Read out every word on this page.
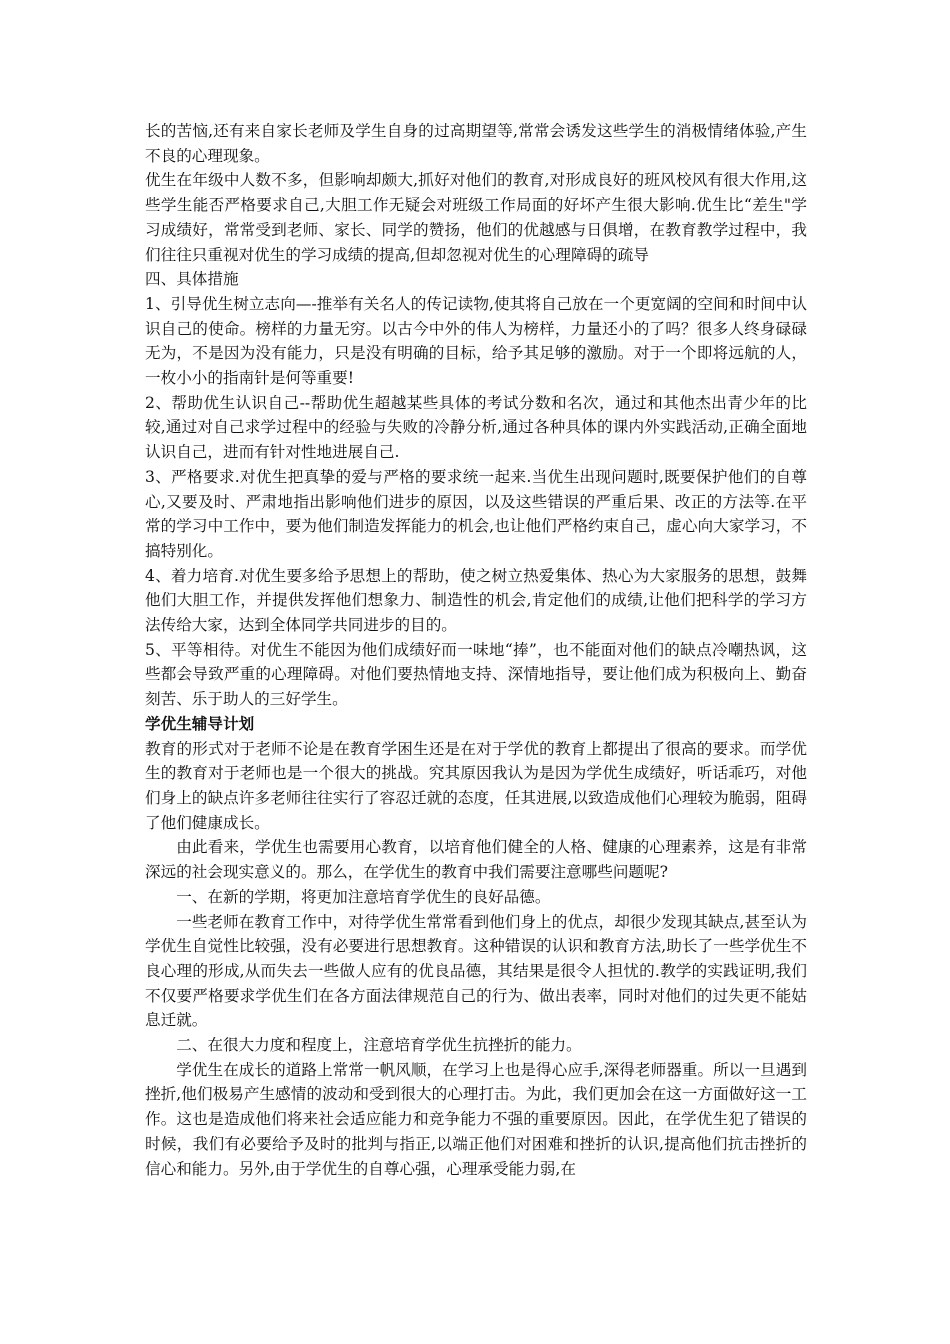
长的苦恼,还有来自家长老师及学生自身的过高期望等,常常会诱发这些学生的消极情绪体验,产生不良的心理现象。

优生在年级中人数不多，但影响却颇大,抓好对他们的教育,对形成良好的班风校风有很大作用,这些学生能否严格要求自己,大胆工作无疑会对班级工作局面的好坏产生很大影响.优生比“差生"学习成绩好，常常受到老师、家长、同学的赞扬，他们的优越感与日俱增，在教育教学过程中，我们往往只重视对优生的学习成绩的提高,但却忽视对优生的心理障碍的疏导

四、具体措施

1、引导优生树立志向—-推举有关名人的传记读物,使其将自己放在一个更宽阔的空间和时间中认识自己的使命。榜样的力量无穷。以古今中外的伟人为榜样，力量还小的了吗？很多人终身碌碌无为，不是因为没有能力，只是没有明确的目标，给予其足够的激励。对于一个即将远航的人，一枚小小的指南针是何等重要!

2、帮助优生认识自己--帮助优生超越某些具体的考试分数和名次，通过和其他杰出青少年的比较,通过对自己求学过程中的经验与失败的冷静分析,通过各种具体的课内外实践活动,正确全面地认识自己，进而有针对性地进展自己.

3、严格要求.对优生把真挚的爱与严格的要求统一起来.当优生出现问题时,既要保护他们的自尊心,又要及时、严肃地指出影响他们进步的原因，以及这些错误的严重后果、改正的方法等.在平常的学习中工作中，要为他们制造发挥能力的机会,也让他们严格约束自己，虚心向大家学习，不搞特别化。

4、着力培育.对优生要多给予思想上的帮助，使之树立热爱集体、热心为大家服务的思想，鼓舞他们大胆工作，并提供发挥他们想象力、制造性的机会,肯定他们的成绩,让他们把科学的学习方法传给大家，达到全体同学共同进步的目的。

5、平等相待。对优生不能因为他们成绩好而一味地“捧”，也不能面对他们的缺点冷嘲热讽，这些都会导致严重的心理障碍。对他们要热情地支持、深情地指导，要让他们成为积极向上、勤奋刻苦、乐于助人的三好学生。

学优生辅导计划

教育的形式对于老师不论是在教育学困生还是在对于学优的教育上都提出了很高的要求。而学优生的教育对于老师也是一个很大的挑战。究其原因我认为是因为学优生成绩好，听话乖巧，对他们身上的缺点许多老师往往实行了容忍迁就的态度，任其进展,以致造成他们心理较为脆弱，阻碍了他们健康成长。

由此看来，学优生也需要用心教育，以培育他们健全的人格、健康的心理素养，这是有非常深远的社会现实意义的。那么，在学优生的教育中我们需要注意哪些问题呢?

一、在新的学期，将更加注意培育学优生的良好品德。

一些老师在教育工作中，对待学优生常常看到他们身上的优点，却很少发现其缺点,甚至认为学优生自觉性比较强，没有必要进行思想教育。这种错误的认识和教育方法,助长了一些学优生不良心理的形成,从而失去一些做人应有的优良品德，其结果是很令人担忧的.教学的实践证明,我们不仅要严格要求学优生们在各方面法律规范自己的行为、做出表率，同时对他们的过失更不能姑息迁就。

二、在很大力度和程度上，注意培育学优生抗挫折的能力。

学优生在成长的道路上常常一帆风顺，在学习上也是得心应手,深得老师器重。所以一旦遇到挫折,他们极易产生感情的波动和受到很大的心理打击。为此，我们更加会在这一方面做好这一工作。这也是造成他们将来社会适应能力和竞争能力不强的重要原因。因此，在学优生犯了错误的时候，我们有必要给予及时的批判与指正,以端正他们对困难和挫折的认识,提高他们抗击挫折的信心和能力。另外,由于学优生的自尊心强，心理承受能力弱,在
